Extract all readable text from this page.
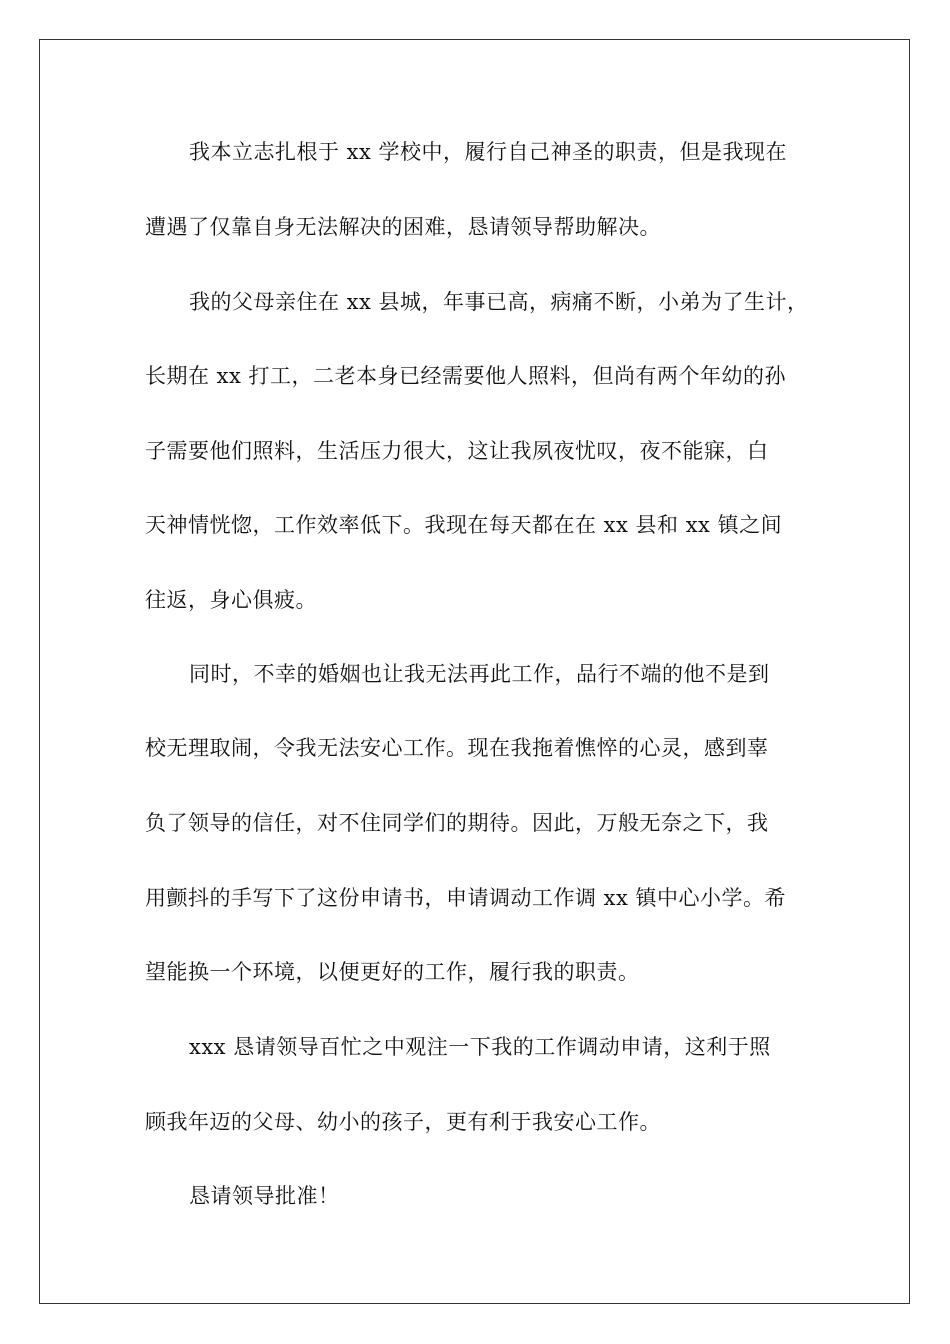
我本立志扎根于 xx 学校中，履行自己神圣的职责，但是我现在
遭遇了仅靠自身无法解决的困难，恳请领导帮助解决。
我的父母亲住在 xx 县城，年事已高，病痛不断，小弟为了生计，
长期在 xx 打工，二老本身已经需要他人照料，但尚有两个年幼的孙
子需要他们照料，生活压力很大，这让我夙夜忧叹，夜不能寐，白
天神情恍惚，工作效率低下。我现在每天都在在 xx 县和 xx 镇之间
往返，身心俱疲。
同时，不幸的婚姻也让我无法再此工作，品行不端的他不是到
校无理取闹，令我无法安心工作。现在我拖着憔悴的心灵，感到辜
负了领导的信任，对不住同学们的期待。因此，万般无奈之下，我
用颤抖的手写下了这份申请书，申请调动工作调 xx 镇中心小学。希
望能换一个环境，以便更好的工作，履行我的职责。
xxx 恳请领导百忙之中观注一下我的工作调动申请，这利于照
顾我年迈的父母、幼小的孩子，更有利于我安心工作。
恳请领导批准！
